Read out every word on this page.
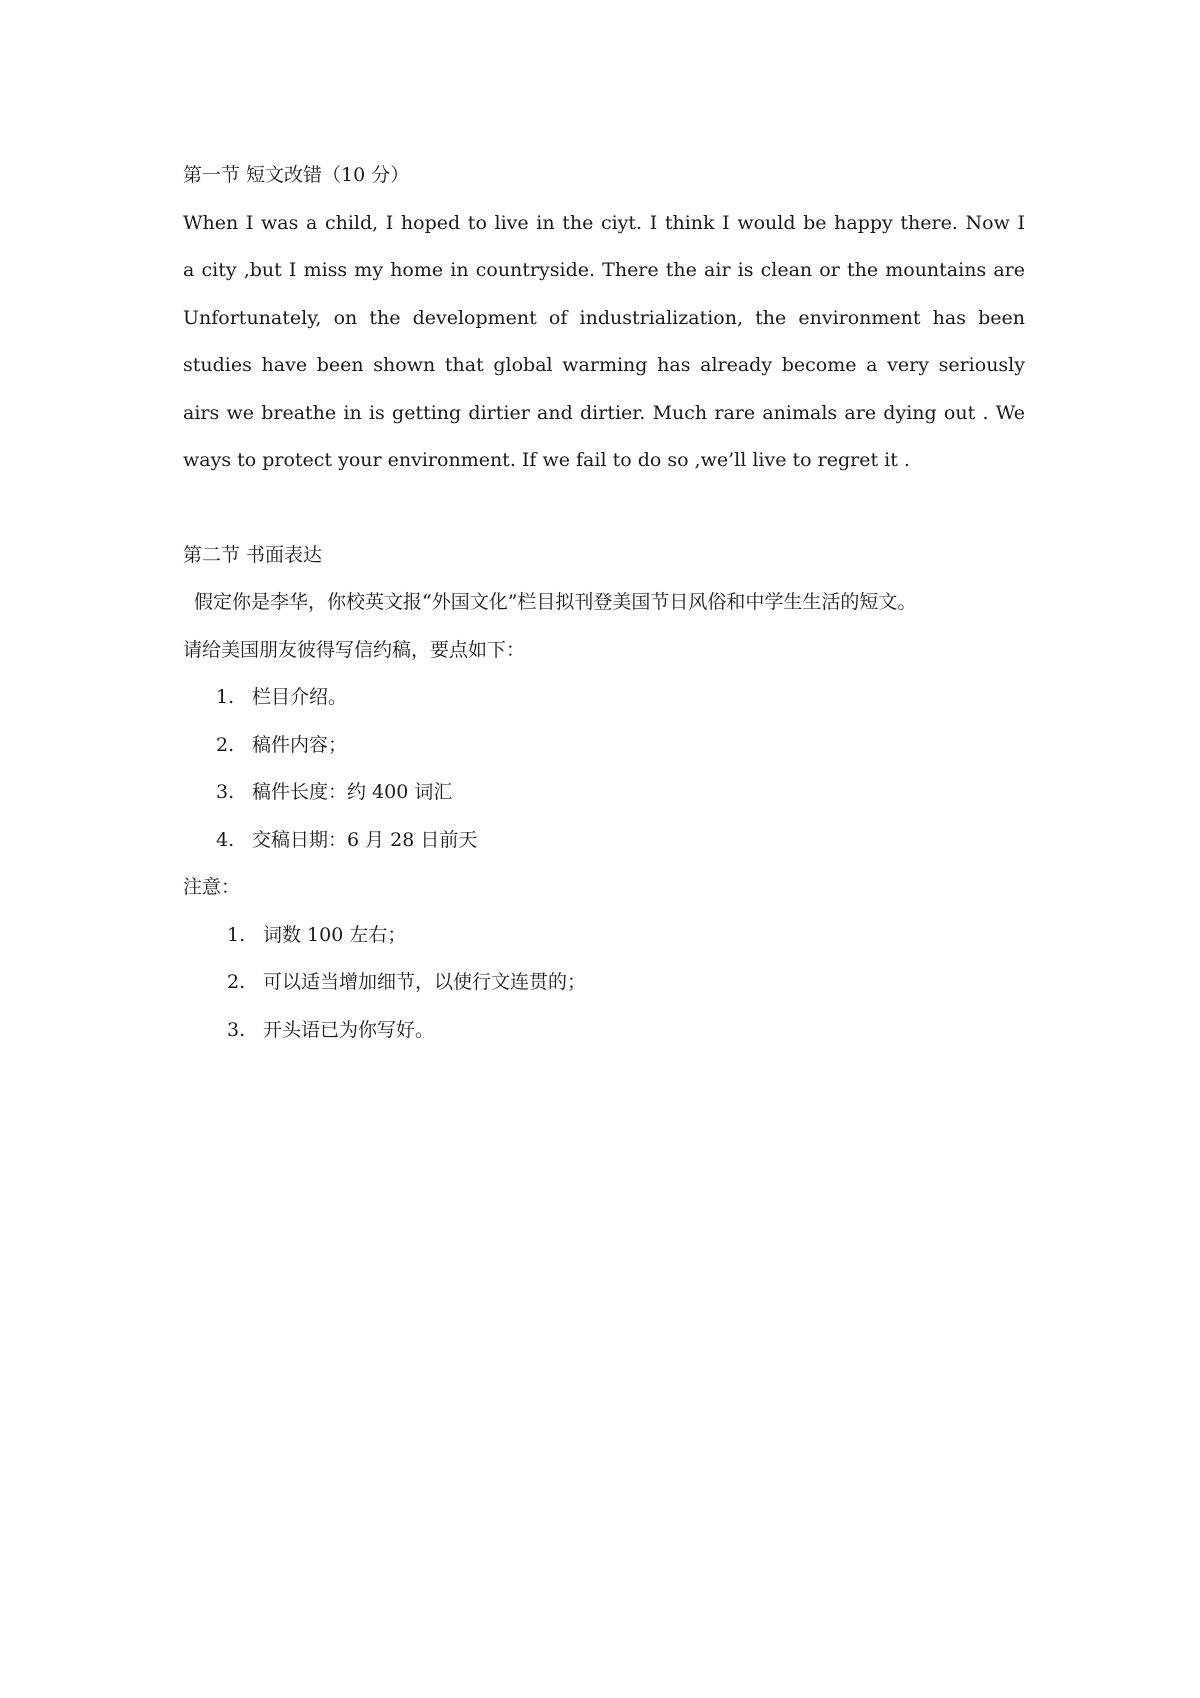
第一节 短文改错（10 分）
When I was a child, I hoped to live in the ciyt. I think I would be happy there. Now I
a city ,but I miss my home in countryside. There the air is clean or the mountains are
Unfortunately, on the development of industrialization, the environment has been
studies have been shown that global warming has already become a very seriously
airs we breathe in is getting dirtier and dirtier. Much rare animals are dying out . We
ways to protect your environment. If we fail to do so ,we’ll live to regret it .
第二节 书面表达
假定你是李华，你校英文报“外国文化”栏目拟刊登美国节日风俗和中学生生活的短文。
请给美国朋友彼得写信约稿，要点如下：
1. 栏目介绍。
2. 稿件内容；
3. 稿件长度：约 400 词汇
4. 交稿日期：6 月 28 日前天
注意：
1. 词数 100 左右；
2. 可以适当增加细节，以使行文连贯的；
3. 开头语已为你写好。
